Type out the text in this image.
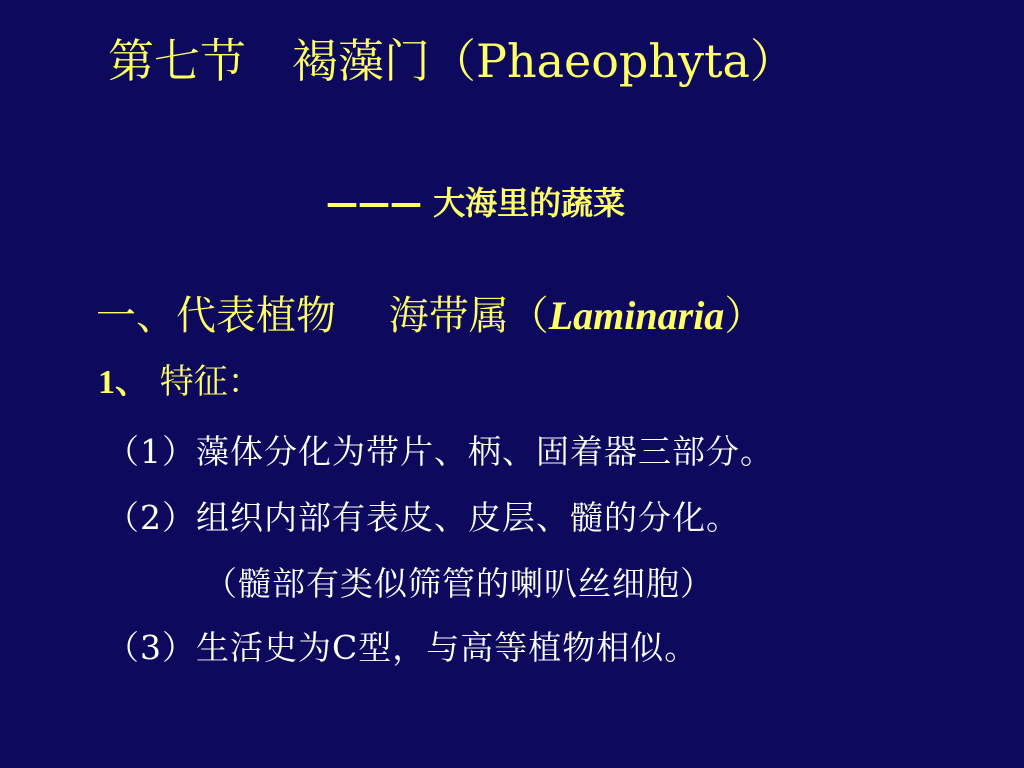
第七节　褐藻门（Phaeophyta）
——— 大海里的蔬菜
一、代表植物　 海带属（Laminaria）
1、 特征：
（1）藻体分化为带片、柄、固着器三部分。
（2）组织内部有表皮、皮层、髓的分化。
（髓部有类似筛管的喇叭丝细胞）
（3）生活史为C型，与高等植物相似。
